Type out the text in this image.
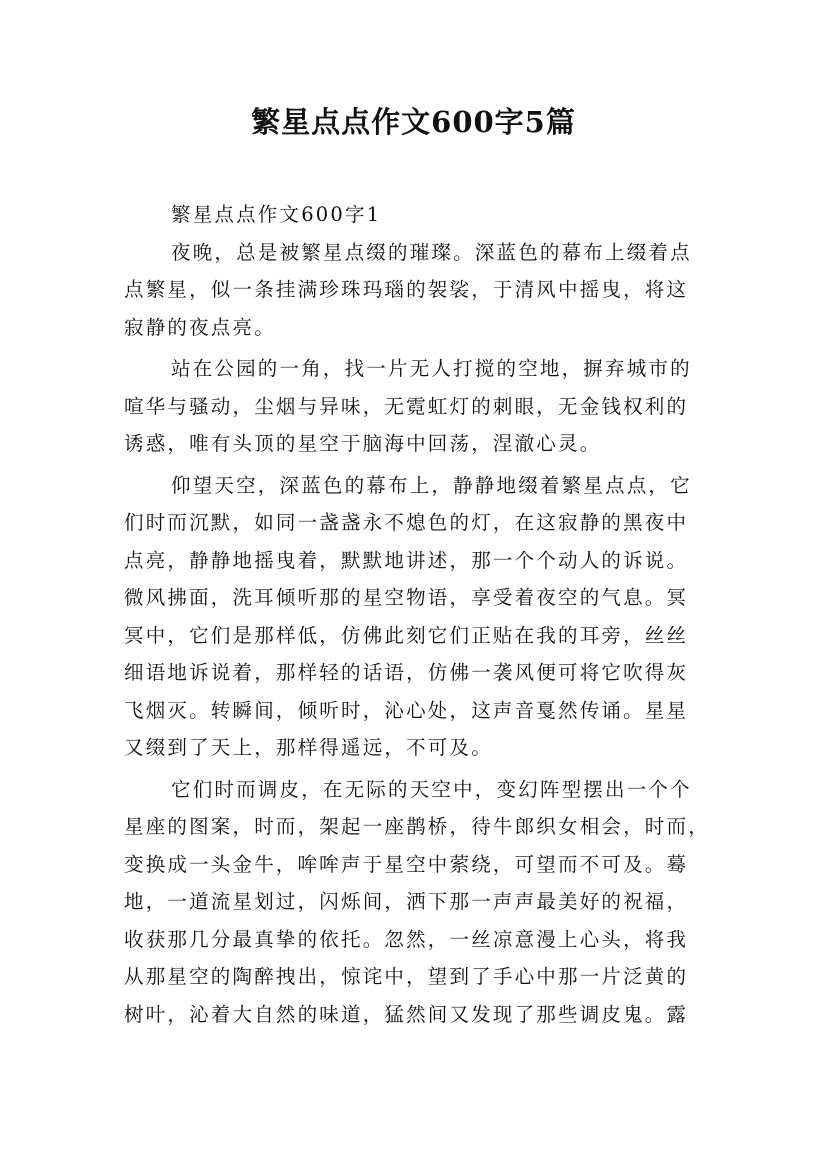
繁星点点作文600字5篇
繁星点点作文600字1
夜晚，总是被繁星点缀的璀璨。深蓝色的幕布上缀着点
点繁星，似一条挂满珍珠玛瑙的袈裟，于清风中摇曳，将这
寂静的夜点亮。
站在公园的一角，找一片无人打搅的空地，摒弃城市的
喧华与骚动，尘烟与异味，无霓虹灯的刺眼，无金钱权利的
诱惑，唯有头顶的星空于脑海中回荡，涅澈心灵。
仰望天空，深蓝色的幕布上，静静地缀着繁星点点，它
们时而沉默，如同一盏盏永不熄色的灯，在这寂静的黑夜中
点亮，静静地摇曳着，默默地讲述，那一个个动人的诉说。
微风拂面，洗耳倾听那的星空物语，享受着夜空的气息。冥
冥中，它们是那样低，仿佛此刻它们正贴在我的耳旁，丝丝
细语地诉说着，那样轻的话语，仿佛一袭风便可将它吹得灰
飞烟灭。转瞬间，倾听时，沁心处，这声音戛然传诵。星星
又缀到了天上，那样得遥远，不可及。
它们时而调皮，在无际的天空中，变幻阵型摆出一个个
星座的图案，时而，架起一座鹊桥，待牛郎织女相会，时而，
变换成一头金牛，哞哞声于星空中萦绕，可望而不可及。蓦
地，一道流星划过，闪烁间，洒下那一声声最美好的祝福，
收获那几分最真挚的依托。忽然，一丝凉意漫上心头，将我
从那星空的陶醉拽出，惊诧中，望到了手心中那一片泛黄的
树叶，沁着大自然的味道，猛然间又发现了那些调皮鬼。露
